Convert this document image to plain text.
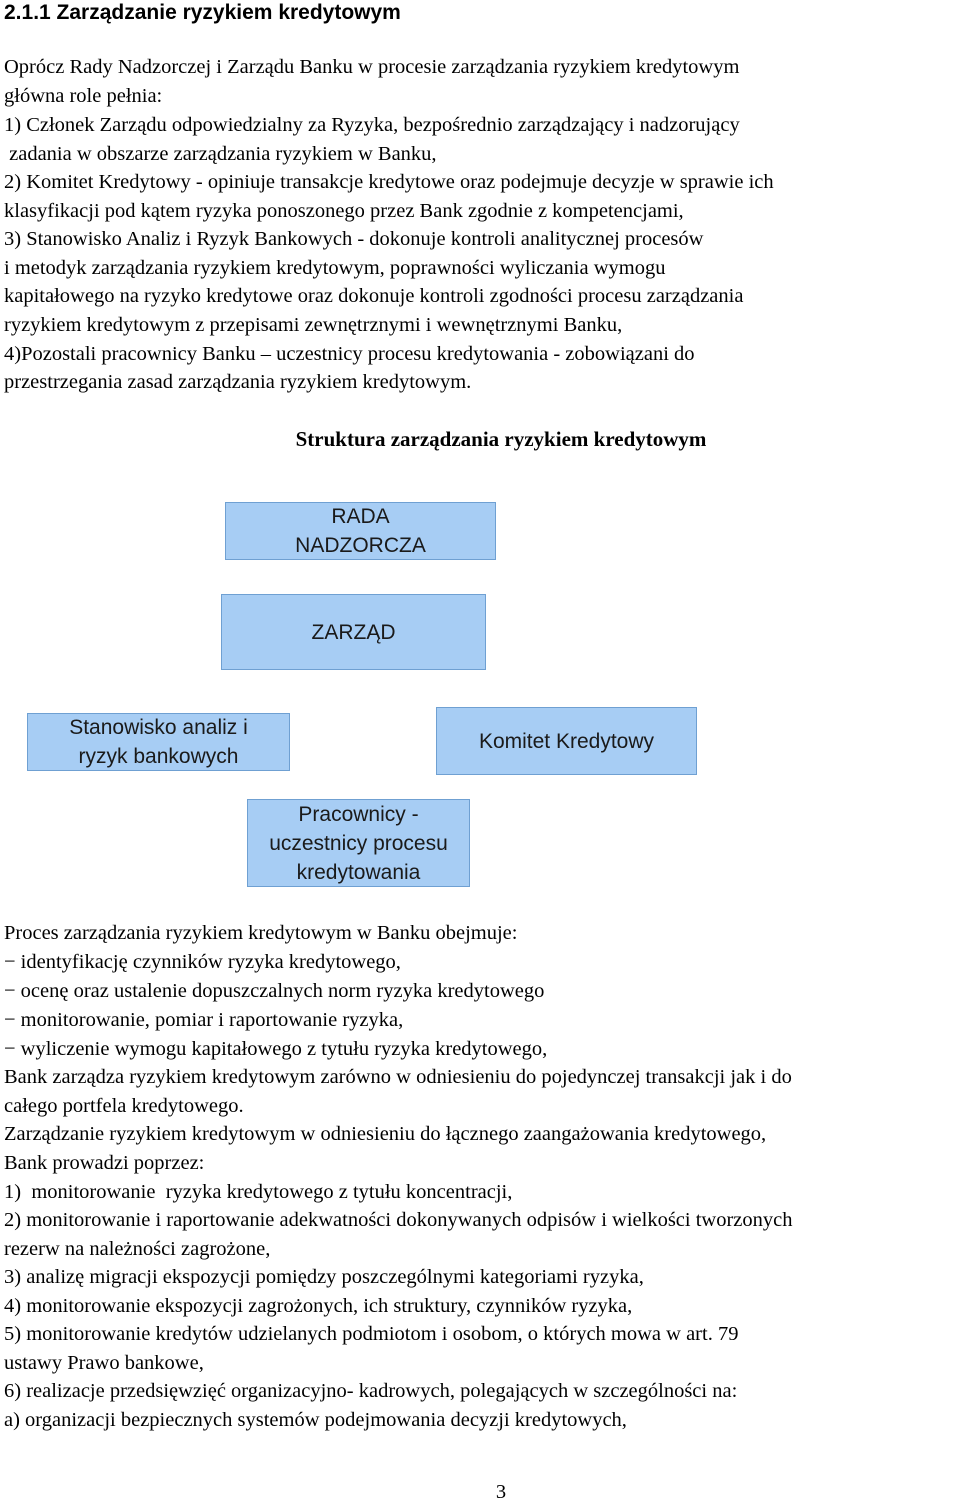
2.1.1 Zarządzanie ryzykiem kredytowym
Oprócz Rady Nadzorczej i Zarządu Banku w procesie zarządzania ryzykiem kredytowym
główna role pełnia:
1) Członek Zarządu odpowiedzialny za Ryzyka, bezpośrednio zarządzający i nadzorujący
zadania w obszarze zarządzania ryzykiem w Banku,
2) Komitet Kredytowy - opiniuje transakcje kredytowe oraz podejmuje decyzje w sprawie ich
klasyfikacji pod kątem ryzyka ponoszonego przez Bank zgodnie z kompetencjami,
3) Stanowisko Analiz i Ryzyk Bankowych - dokonuje kontroli analitycznej procesów
i metodyk zarządzania ryzykiem kredytowym, poprawności wyliczania wymogu
kapitałowego na ryzyko kredytowe oraz dokonuje kontroli zgodności procesu zarządzania
ryzykiem kredytowym z przepisami zewnętrznymi i wewnętrznymi Banku,
4)Pozostali pracownicy Banku – uczestnicy procesu kredytowania - zobowiązani do
przestrzegania zasad zarządzania ryzykiem kredytowym.
Struktura zarządzania ryzykiem kredytowym
RADA
NADZORCZA
ZARZĄD
Stanowisko analiz i
ryzyk bankowych
Komitet Kredytowy
Pracownicy -
uczestnicy procesu
kredytowania
Proces zarządzania ryzykiem kredytowym w Banku obejmuje:
− identyfikację czynników ryzyka kredytowego,
− ocenę oraz ustalenie dopuszczalnych norm ryzyka kredytowego
− monitorowanie, pomiar i raportowanie ryzyka,
− wyliczenie wymogu kapitałowego z tytułu ryzyka kredytowego,
Bank zarządza ryzykiem kredytowym zarówno w odniesieniu do pojedynczej transakcji jak i do
całego portfela kredytowego.
Zarządzanie ryzykiem kredytowym w odniesieniu do łącznego zaangażowania kredytowego,
Bank prowadzi poprzez:
1)  monitorowanie  ryzyka kredytowego z tytułu koncentracji,
2) monitorowanie i raportowanie adekwatności dokonywanych odpisów i wielkości tworzonych
rezerw na należności zagrożone,
3) analizę migracji ekspozycji pomiędzy poszczególnymi kategoriami ryzyka,
4) monitorowanie ekspozycji zagrożonych, ich struktury, czynników ryzyka,
5) monitorowanie kredytów udzielanych podmiotom i osobom, o których mowa w art. 79
ustawy Prawo bankowe,
6) realizacje przedsięwzięć organizacyjno- kadrowych, polegających w szczególności na:
a) organizacji bezpiecznych systemów podejmowania decyzji kredytowych,
3
